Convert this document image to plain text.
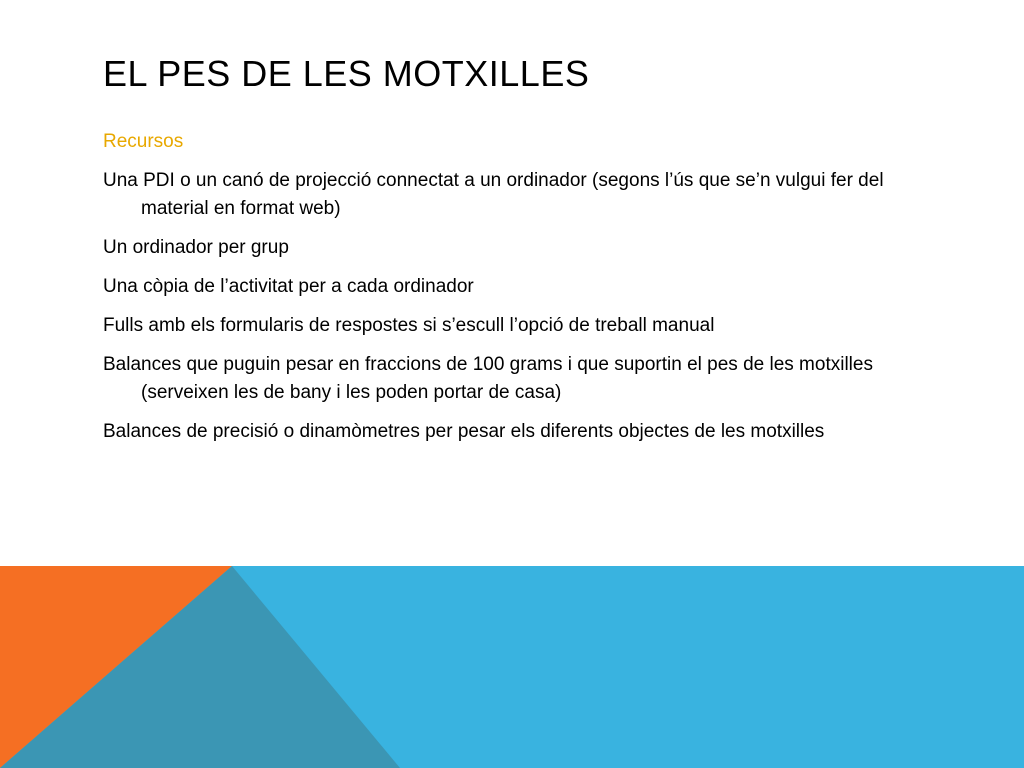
EL PES DE LES MOTXILLES
Recursos
Una PDI o un canó de projecció connectat a un ordinador (segons l’ús que se’n vulgui fer del material en format web)
Un ordinador per grup
Una còpia de l’activitat per a cada ordinador
Fulls amb els formularis de respostes si s’escull l’opció de treball manual
Balances que puguin pesar en fraccions de 100 grams i que suportin el pes de les motxilles (serveixen les de bany i les poden portar de casa)
Balances de precisió o dinamòmetres per pesar els diferents objectes de les motxilles
